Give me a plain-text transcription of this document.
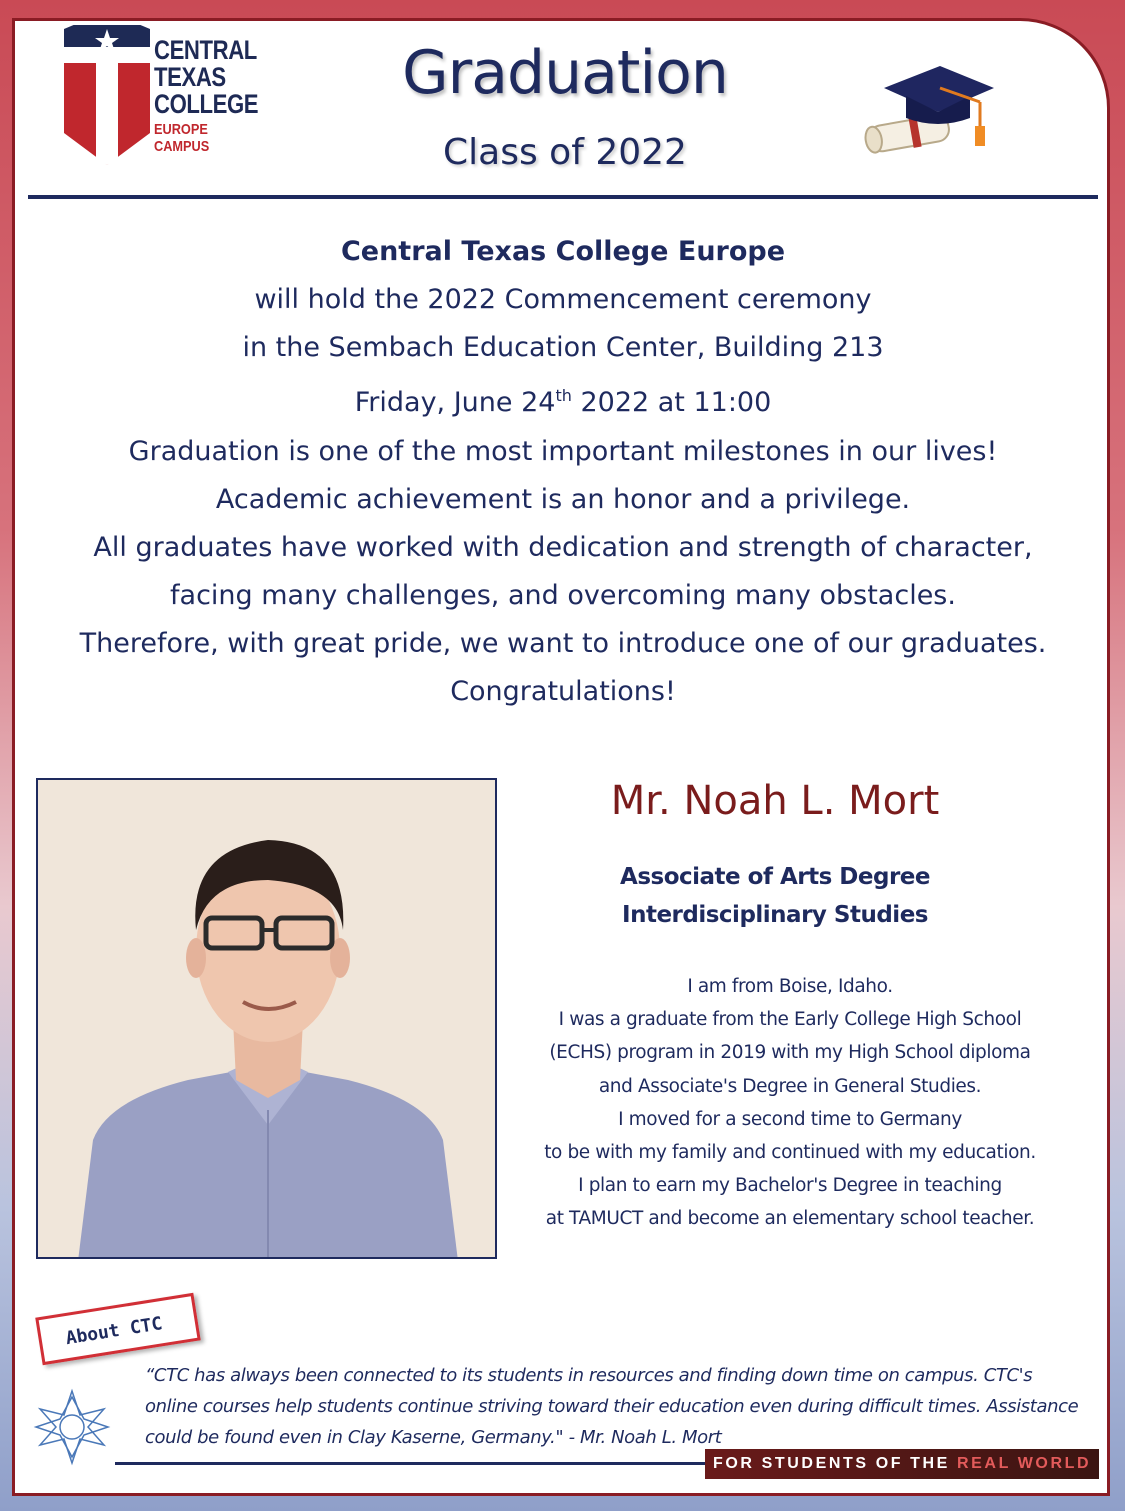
CENTRAL
TEXAS
COLLEGE
EUROPE CAMPUS
Graduation
Class of 2022
Central Texas College Europe
will hold the 2022 Commencement ceremony
in the Sembach Education Center, Building 213
Friday, June 24th 2022 at 11:00
Graduation is one of the most important milestones in our lives!
Academic achievement is an honor and a privilege.
All graduates have worked with dedication and strength of character,
facing many challenges, and overcoming many obstacles.
Therefore, with great pride, we want to introduce one of our graduates.
Congratulations!
Mr. Noah L. Mort
Associate of Arts Degree
Interdisciplinary Studies
I am from Boise, Idaho.
I was a graduate from the Early College High School
(ECHS) program in 2019 with my High School diploma
and Associate's Degree in General Studies.
I moved for a second time to Germany
to be with my family and continued with my education.
I plan to earn my Bachelor's Degree in teaching
at TAMUCT and become an elementary school teacher.
About CTC
“CTC has always been connected to its students in resources and finding down time on campus. CTC's online courses help students continue striving toward their education even during difficult times. Assistance could be found even in Clay Kaserne, Germany." - Mr. Noah L. Mort
FOR STUDENTS OF THE REAL WORLD
